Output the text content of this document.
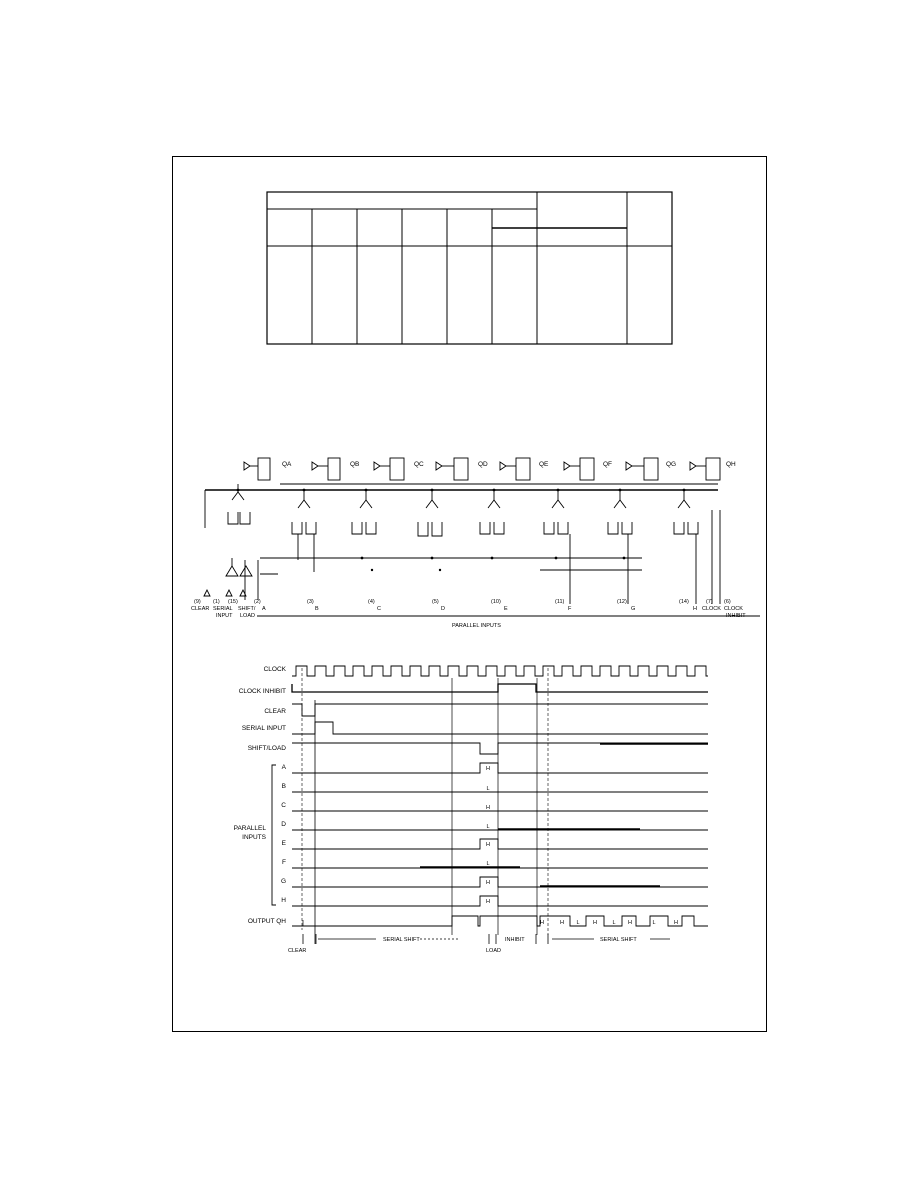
QA	QB	QC	QD	QE	QF	QG	QH
(9) (1) (15)	(2)	(3)	(4)	(5)	(10)	(11)	(12)	(14)	(7) (6)
CLEAR SERIAL SHIFT/
INPUT LOAD
A	B	C	D	E	F	G	H CLOCK CLOCK
INHIBIT
PARALLEL INPUTS
CLOCK
CLOCK INHIBIT
CLEAR
SERIAL INPUT
SHIFT/LOAD
A
B
C
D
E
F
G
H
PARALLEL
INPUTS
OUTPUT QH
H
L
H
L
H
L
H
H
H	H L H	L H	L	H
CLEAR
SERIAL SHIFT
LOAD
INHIBIT	SERIAL SHIFT
